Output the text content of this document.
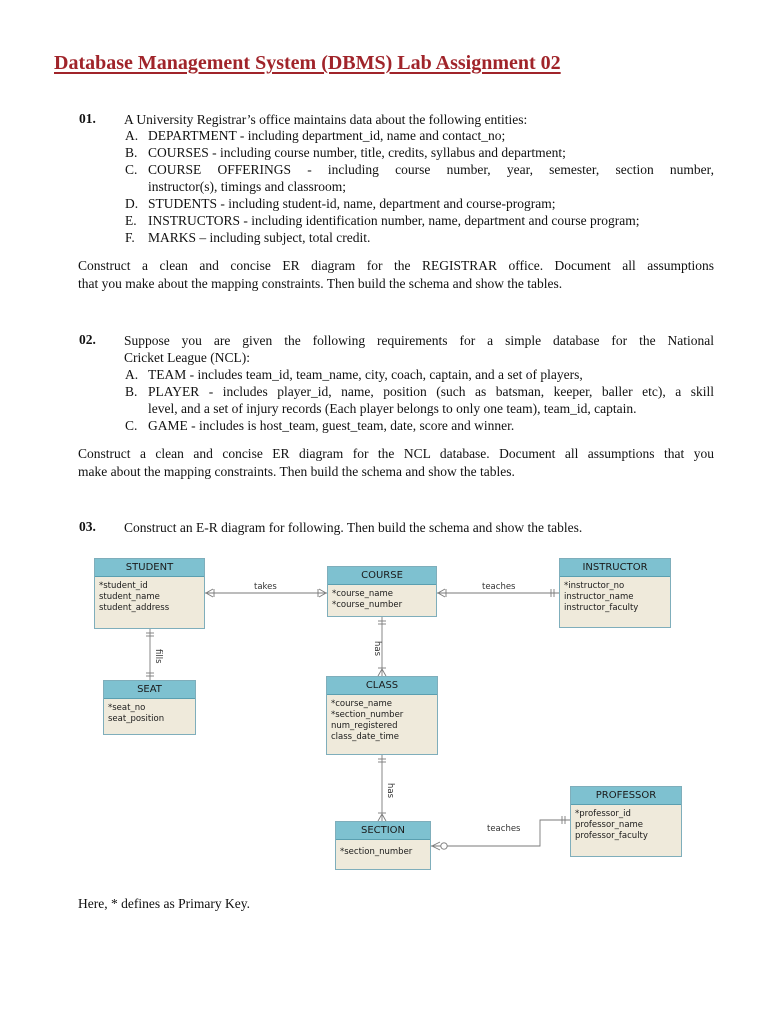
Database Management System (DBMS) Lab Assignment 02
01. A University Registrar’s office maintains data about the following entities:
A. DEPARTMENT - including department_id, name and contact_no;
B. COURSES - including course number, title, credits, syllabus and department;
C. COURSE OFFERINGS - including course number, year, semester, section number,
instructor(s), timings and classroom;
D. STUDENTS - including student-id, name, department and course-program;
E. INSTRUCTORS - including identification number, name, department and course program;
F. MARKS – including subject, total credit.
Construct a clean and concise ER diagram for the REGISTRAR office. Document all assumptions
that you make about the mapping constraints. Then build the schema and show the tables.
02. Suppose you are given the following requirements for a simple database for the National
Cricket League (NCL):
A. TEAM - includes team_id, team_name, city, coach, captain, and a set of players,
B. PLAYER - includes player_id, name, position (such as batsman, keeper, baller etc), a skill
level, and a set of injury records (Each player belongs to only one team), team_id, captain.
C. GAME - includes is host_team, guest_team, date, score and winner.
Construct a clean and concise ER diagram for the NCL database. Document all assumptions that you
make about the mapping constraints. Then build the schema and show the tables.
03. Construct an E-R diagram for following. Then build the schema and show the tables.
takes	teaches
fills
has
has
teaches
STUDENT
*student_id
student_name
student_address
COURSE
*course_name
*course_number
INSTRUCTOR
*instructor_no
instructor_name
instructor_faculty
SEAT
*seat_no
seat_position
CLASS
*course_name
*section_number
num_registered
class_date_time
PROFESSOR
*professor_id
professor_name
professor_faculty
SECTION
*section_number
Here, * defines as Primary Key.
